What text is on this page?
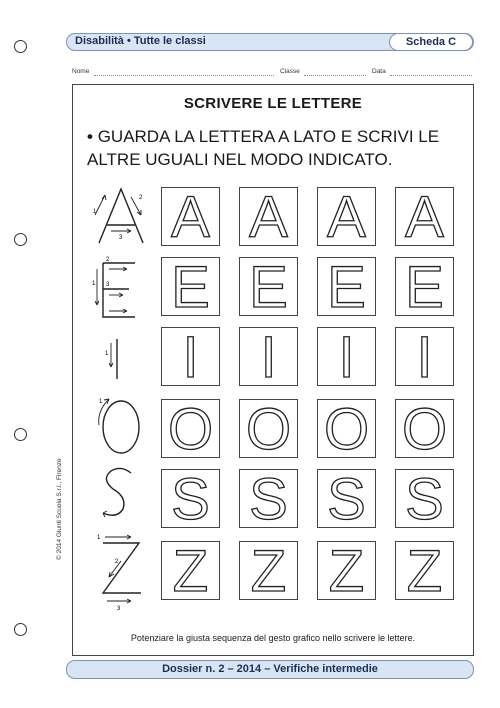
Disabilità • Tutte le classi	Scheda C
Nome	Classe	Data
SCRIVERE LE LETTERE
• GUARDA LA LETTERA A LATO E SCRIVI LE ALTRE UGUALI NEL MODO INDICATO.
1
2
3
1
2
3
1
1
1
2
3
A A A A
E E E E
I I I I
O O O O
S S S S
Z Z Z Z
Potenziare la giusta sequenza del gesto grafico nello scrivere le lettere.
© 2014 Giunti Scuola S.r.l., Firenze
Dossier n. 2 – 2014 – Verifiche intermedie
